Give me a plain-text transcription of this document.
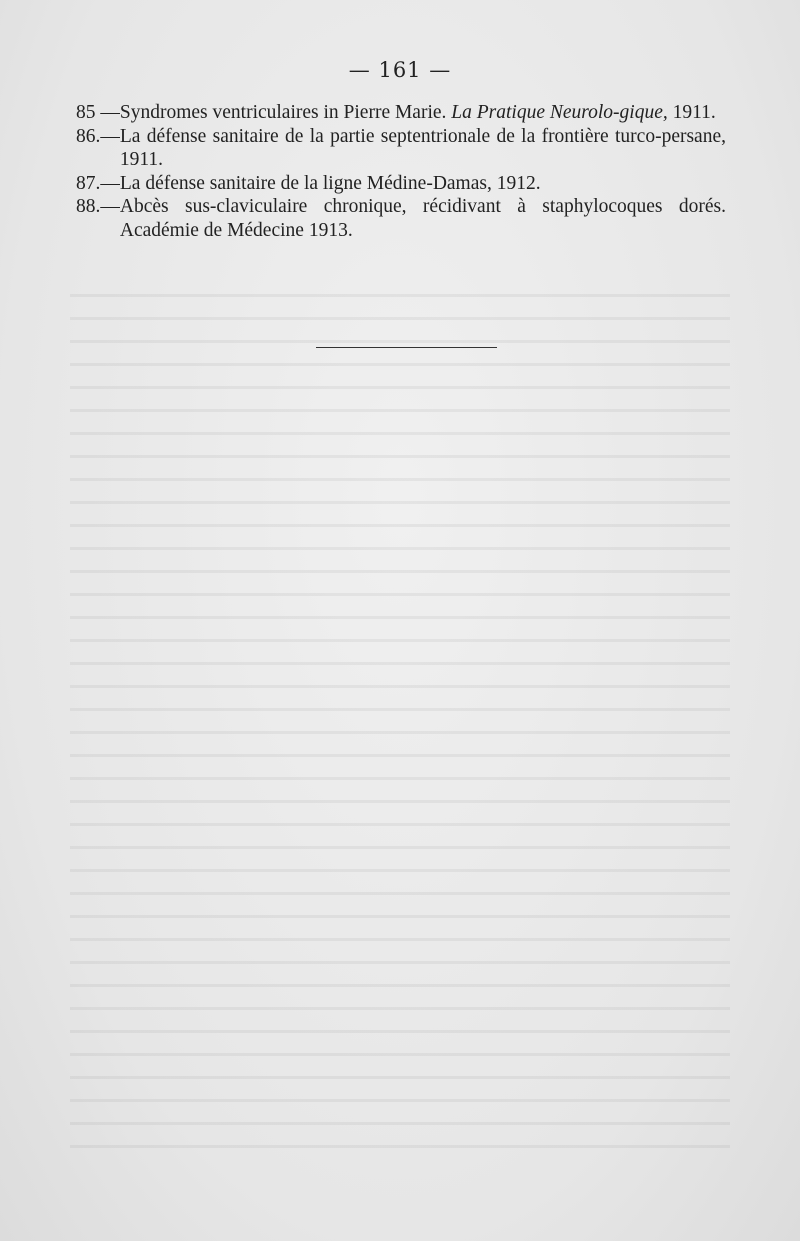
— 161 —

85 — Syndromes ventriculaires in Pierre Marie. La Pratique Neurolo-gique, 1911.

86.— La défense sanitaire de la partie septentrionale de la frontière turco-persane, 1911.

87.— La défense sanitaire de la ligne Médine-Damas, 1912.

88.— Abcès sus-claviculaire chronique, récidivant à staphylocoques dorés. Académie de Médecine 1913.
